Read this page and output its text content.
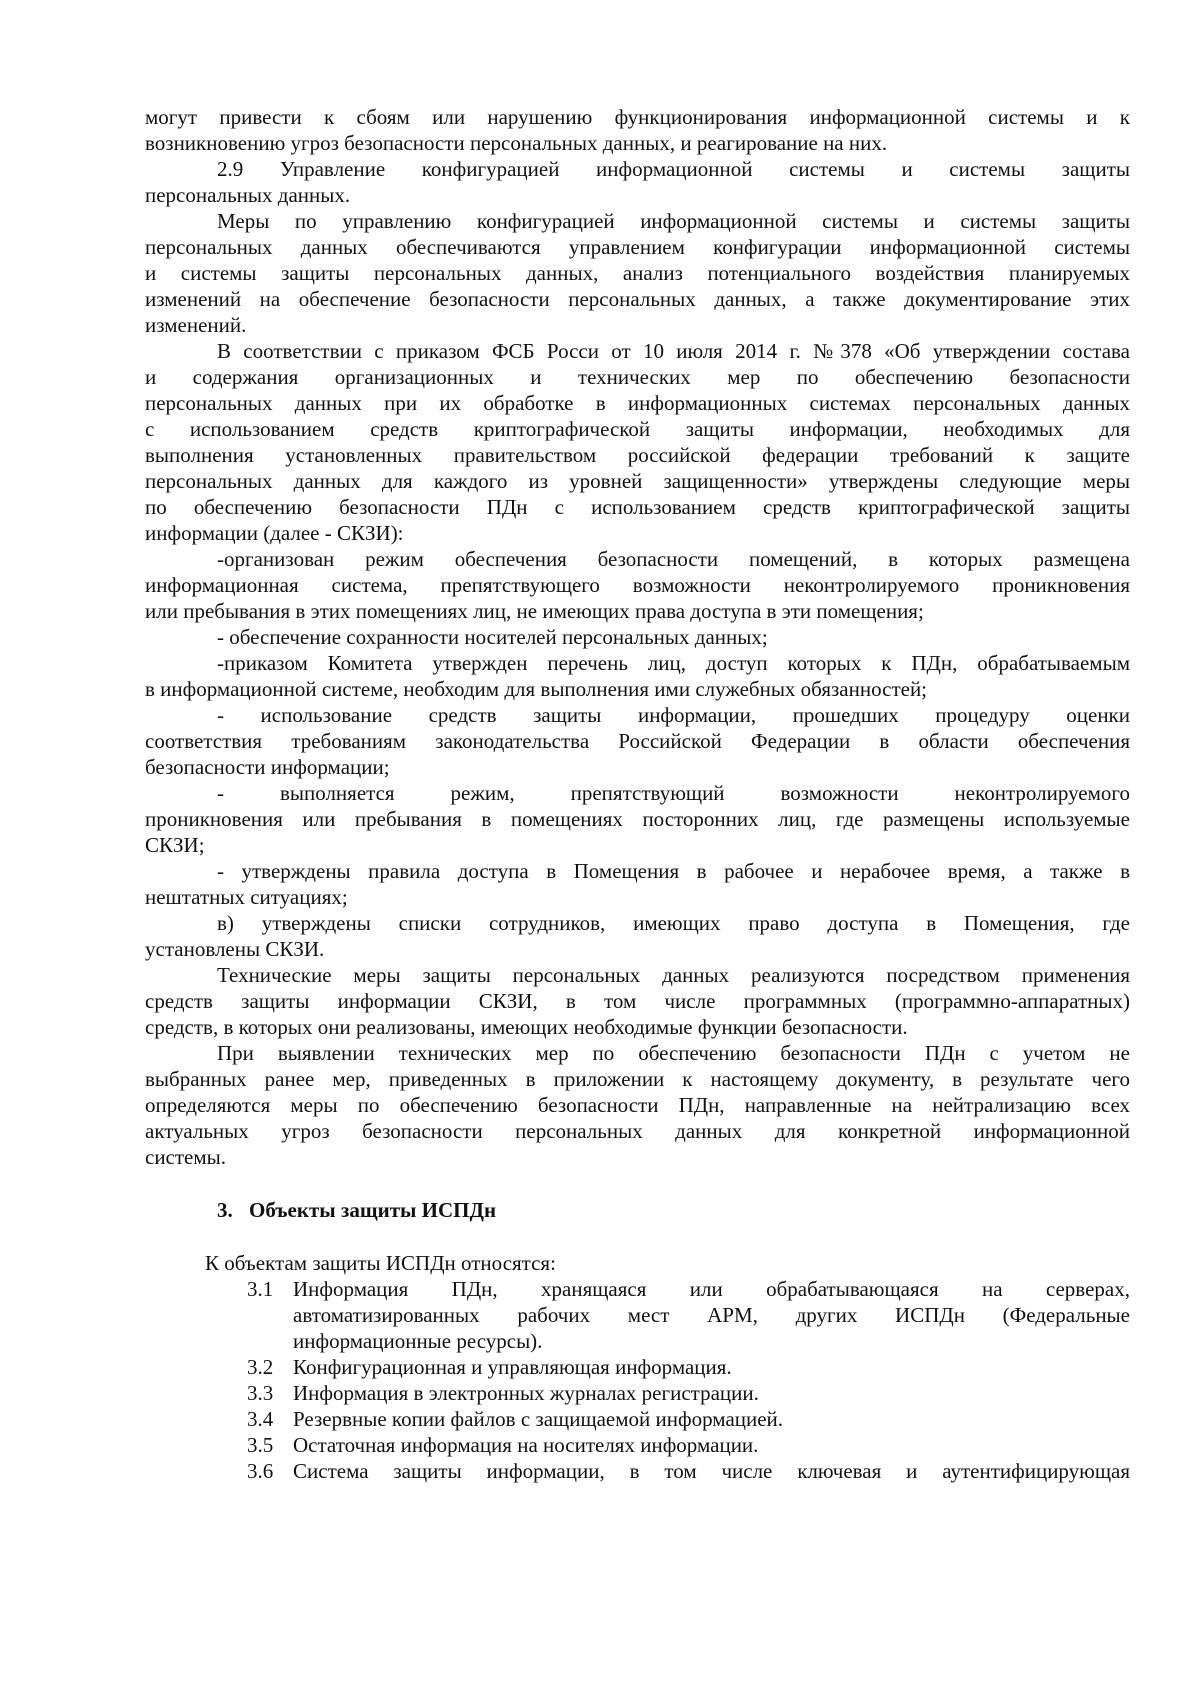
могут привести к сбоям или нарушению функционирования информационной системы и к
возникновению угроз безопасности персональных данных, и реагирование на них.
2.9 Управление конфигурацией информационной системы и системы защиты
персональных данных.
Меры по управлению конфигурацией информационной системы и системы защиты
персональных данных обеспечиваются управлением конфигурации информационной системы
и системы защиты персональных данных, анализ потенциального воздействия планируемых
изменений на обеспечение безопасности персональных данных, а также документирование этих
изменений.
В соответствии с приказом ФСБ Росси от 10 июля 2014 г. №378 «Об утверждении состава
и содержания организационных и технических мер по обеспечению безопасности
персональных данных при их обработке в информационных системах персональных данных
с использованием средств криптографической защиты информации, необходимых для
выполнения установленных правительством российской федерации требований к защите
персональных данных для каждого из уровней защищенности» утверждены следующие меры
по обеспечению безопасности ПДн с использованием средств криптографической защиты
информации (далее - СКЗИ):
-организован режим обеспечения безопасности помещений, в которых размещена
информационная система, препятствующего возможности неконтролируемого проникновения
или пребывания в этих помещениях лиц, не имеющих права доступа в эти помещения;
- обеспечение сохранности носителей персональных данных;
-приказом Комитета утвержден перечень лиц, доступ которых к ПДн, обрабатываемым
в информационной системе, необходим для выполнения ими служебных обязанностей;
- использование средств защиты информации, прошедших процедуру оценки
соответствия требованиям законодательства Российской Федерации в области обеспечения
безопасности информации;
- выполняется режим, препятствующий возможности неконтролируемого
проникновения или пребывания в помещениях посторонних лиц, где размещены используемые
СКЗИ;
- утверждены правила доступа в Помещения в рабочее и нерабочее время, а также в
нештатных ситуациях;
в) утверждены списки сотрудников, имеющих право доступа в Помещения, где
установлены СКЗИ.
Технические меры защиты персональных данных реализуются посредством применения
средств защиты информации СКЗИ, в том числе программных (программно-аппаратных)
средств, в которых они реализованы, имеющих необходимые функции безопасности.
При выявлении технических мер по обеспечению безопасности ПДн с учетом не
выбранных ранее мер, приведенных в приложении к настоящему документу, в результате чего
определяются меры по обеспечению безопасности ПДн, направленные на нейтрализацию всех
актуальных угроз безопасности персональных данных для конкретной информационной
системы.
3. Объекты защиты ИСПДн
К объектам защиты ИСПДн относятся:
3.1 Информация ПДн, хранящаяся или обрабатывающаяся на серверах,
автоматизированных рабочих мест АРМ, других ИСПДн (Федеральные
информационные ресурсы).
3.2 Конфигурационная и управляющая информация.
3.3 Информация в электронных журналах регистрации.
3.4 Резервные копии файлов с защищаемой информацией.
3.5 Остаточная информация на носителях информации.
3.6 Система защиты информации, в том числе ключевая и аутентифицирующая
